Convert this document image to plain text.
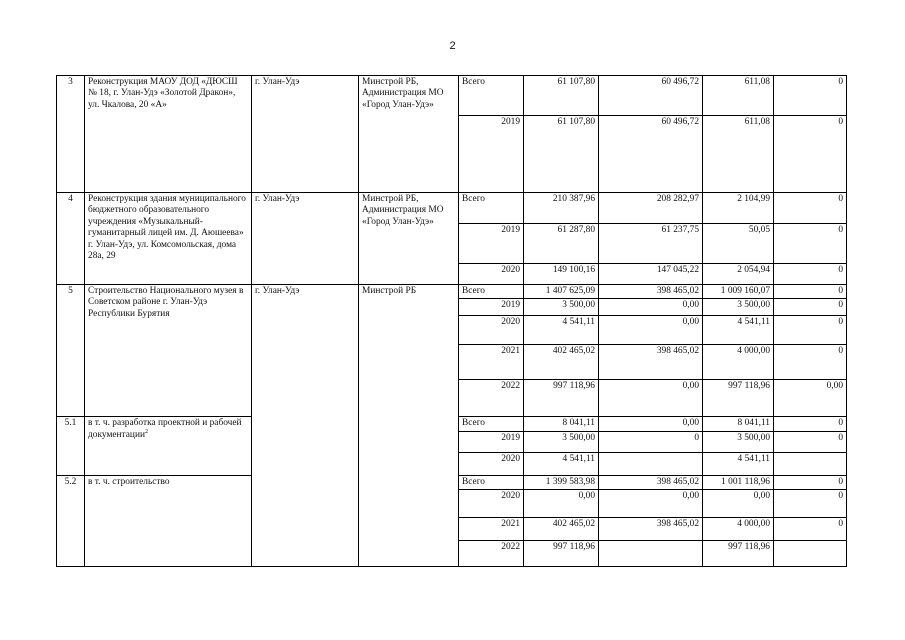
2
3	Реконструкция МАОУ ДОД «ДЮСШ № 18, г. Улан-Удэ «Золотой Дракон», ул. Чкалова, 20 «А»	г. Улан-Удэ	Минстрой РБ, Администрация МО «Город Улан-Удэ»	Всего	61 107,80	60 496,72	611,08	0
				2019	61 107,80	60 496,72	611,08	0
4	Реконструкция здания муниципального бюджетного образовательного учреждения «Музыкальный-гуманитарный лицей им. Д. Аюшеева» г. Улан-Удэ, ул. Комсомольская, дома 28а, 29	г. Улан-Удэ	Минстрой РБ, Администрация МО «Город Улан-Удэ»	Всего	210 387,96	208 282,97	2 104,99	0
				2019	61 287,80	61 237,75	50,05	0
				2020	149 100,16	147 045,22	2 054,94	0
5	Строительство Национального музея в Советском районе г. Улан-Удэ Республики Бурятия	г. Улан-Удэ	Минстрой РБ	Всего	1 407 625,09	398 465,02	1 009 160,07	0
				2019	3 500,00	0,00	3 500,00	0
				2020	4 541,11	0,00	4 541,11	0
				2021	402 465,02	398 465,02	4 000,00	0
				2022	997 118,96	0,00	997 118,96	0,00
5.1	в т. ч. разработка проектной и рабочей документации$^2$			Всего	8 041,11	0,00	8 041,11	0
				2019	3 500,00	0	3 500,00	0
				2020	4 541,11		4 541,11	
5.2	в т. ч. строительство			Всего	1 399 583,98	398 465,02	1 001 118,96	0
				2020	0,00	0,00	0,00	0
				2021	402 465,02	398 465,02	4 000,00	0
				2022	997 118,96		997 118,96	
